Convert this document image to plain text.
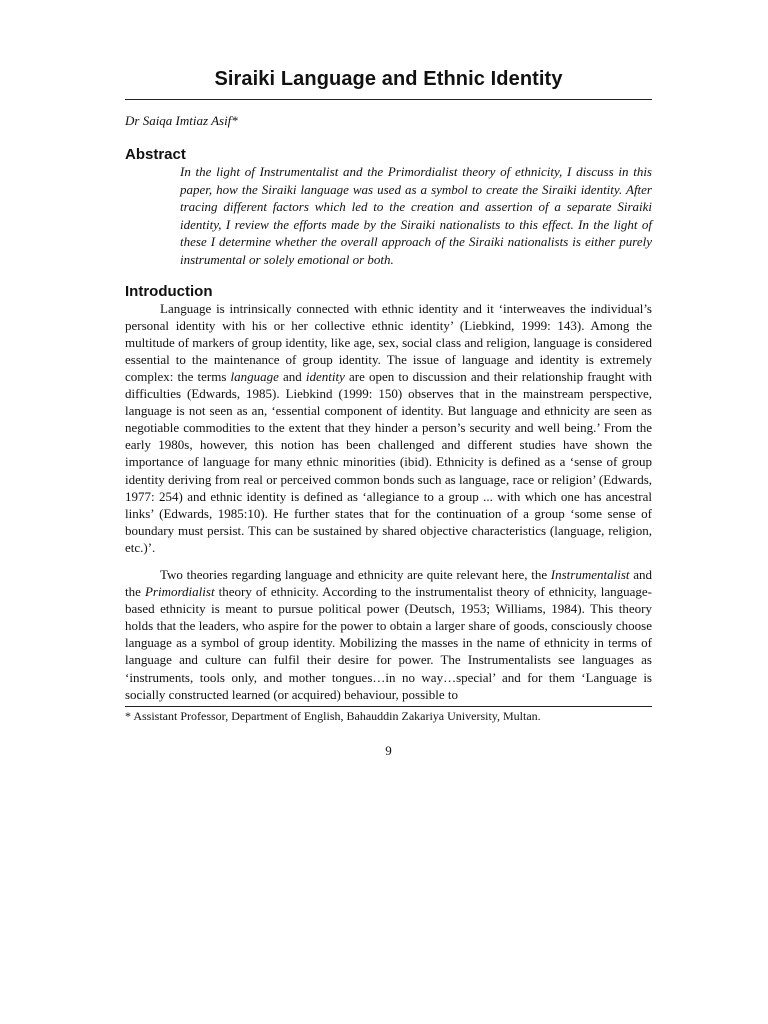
Siraiki Language and Ethnic Identity

Dr Saiqa Imtiaz Asif*

Abstract

In the light of Instrumentalist and the Primordialist theory of ethnicity, I discuss in this paper, how the Siraiki language was used as a symbol to create the Siraiki identity. After tracing different factors which led to the creation and assertion of a separate Siraiki identity, I review the efforts made by the Siraiki nationalists to this effect. In the light of these I determine whether the overall approach of the Siraiki nationalists is either purely instrumental or solely emotional or both.

Introduction

Language is intrinsically connected with ethnic identity and it ‘interweaves the individual’s personal identity with his or her collective ethnic identity’ (Liebkind, 1999: 143). Among the multitude of markers of group identity, like age, sex, social class and religion, language is considered essential to the maintenance of group identity. The issue of language and identity is extremely complex: the terms language and identity are open to discussion and their relationship fraught with difficulties (Edwards, 1985). Liebkind (1999: 150) observes that in the mainstream perspective, language is not seen as an, ‘essential component of identity. But language and ethnicity are seen as negotiable commodities to the extent that they hinder a person’s security and well being.’ From the early 1980s, however, this notion has been challenged and different studies have shown the importance of language for many ethnic minorities (ibid). Ethnicity is defined as a ‘sense of group identity deriving from real or perceived common bonds such as language, race or religion’ (Edwards, 1977: 254) and ethnic identity is defined as ‘allegiance to a group ... with which one has ancestral links’ (Edwards, 1985:10). He further states that for the continuation of a group ‘some sense of boundary must persist. This can be sustained by shared objective characteristics (language, religion, etc.)’.

Two theories regarding language and ethnicity are quite relevant here, the Instrumentalist and the Primordialist theory of ethnicity. According to the instrumentalist theory of ethnicity, language-based ethnicity is meant to pursue political power (Deutsch, 1953; Williams, 1984). This theory holds that the leaders, who aspire for the power to obtain a larger share of goods, consciously choose language as a symbol of group identity. Mobilizing the masses in the name of ethnicity in terms of language and culture can fulfil their desire for power. The Instrumentalists see languages as ‘instruments, tools only, and mother tongues…in no way…special’ and for them ‘Language is socially constructed learned (or acquired) behaviour, possible to

* Assistant Professor, Department of English, Bahauddin Zakariya University, Multan.

9
